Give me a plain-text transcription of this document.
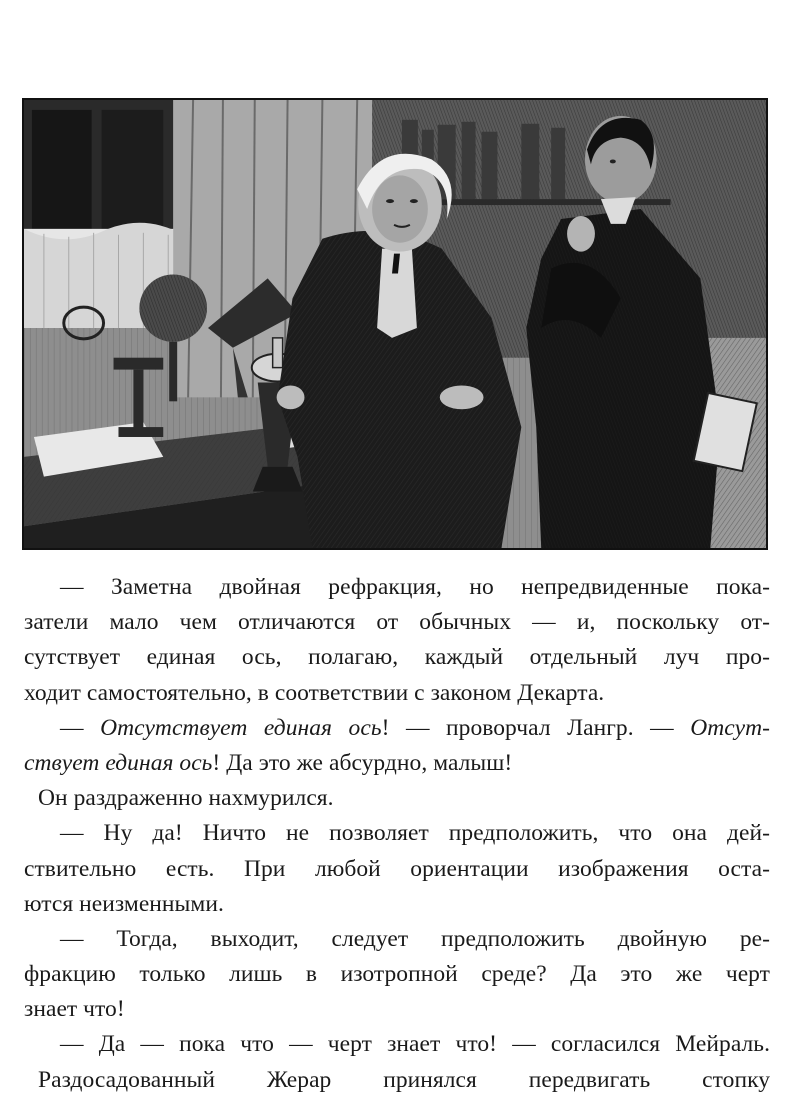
— Заметна двойная рефракция, но непредвиденные пока-
затели мало чем отличаются от обычных — и, поскольку от-
сутствует единая ось, полагаю, каждый отдельный луч про-
ходит самостоятельно, в соответствии с законом Декарта.
— Отсутствует единая ось! — проворчал Лангр. — Отсут-
ствует единая ось! Да это же абсурдно, малыш!
Он раздраженно нахмурился.
— Ну да! Ничто не позволяет предположить, что она дей-
ствительно есть. При любой ориентации изображения оста-
ются неизменными.
— Тогда, выходит, следует предположить двойную ре-
фракцию только лишь в изотропной среде? Да это же черт
знает что!
— Да — пока что — черт знает что! — согласился Мейраль.
Раздосадованный Жерар принялся передвигать стопку
